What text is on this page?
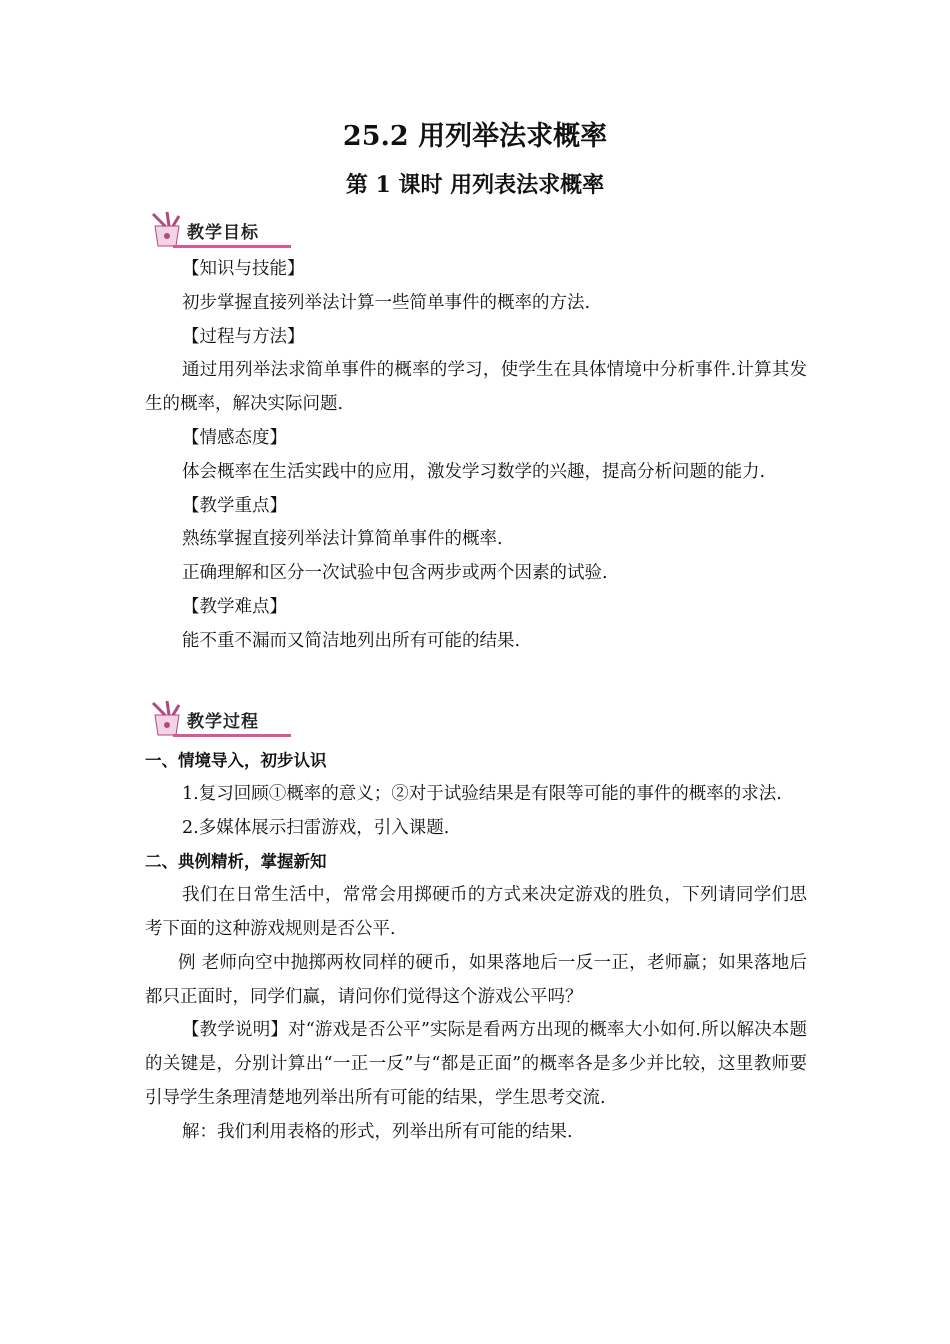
25.2 用列举法求概率
第 1 课时 用列表法求概率
教学目标

【知识与技能】

初步掌握直接列举法计算一些简单事件的概率的方法.

【过程与方法】

通过用列举法求简单事件的概率的学习，使学生在具体情境中分析事件.计算其发生的概率，解决实际问题.

【情感态度】

体会概率在生活实践中的应用，激发学习数学的兴趣，提高分析问题的能力.

【教学重点】

熟练掌握直接列举法计算简单事件的概率.

正确理解和区分一次试验中包含两步或两个因素的试验.

【教学难点】

能不重不漏而又简洁地列出所有可能的结果.

教学过程

一、情境导入，初步认识

1.复习回顾①概率的意义；②对于试验结果是有限等可能的事件的概率的求法.

2.多媒体展示扫雷游戏，引入课题.

二、典例精析，掌握新知

我们在日常生活中，常常会用掷硬币的方式来决定游戏的胜负，下列请同学们思考下面的这种游戏规则是否公平.

例 老师向空中抛掷两枚同样的硬币，如果落地后一反一正，老师赢；如果落地后都只正面时，同学们赢，请问你们觉得这个游戏公平吗？

【教学说明】对“游戏是否公平”实际是看两方出现的概率大小如何.所以解决本题的关键是，分别计算出“一正一反”与“都是正面”的概率各是多少并比较，这里教师要引导学生条理清楚地列举出所有可能的结果，学生思考交流.

解：我们利用表格的形式，列举出所有可能的结果.
